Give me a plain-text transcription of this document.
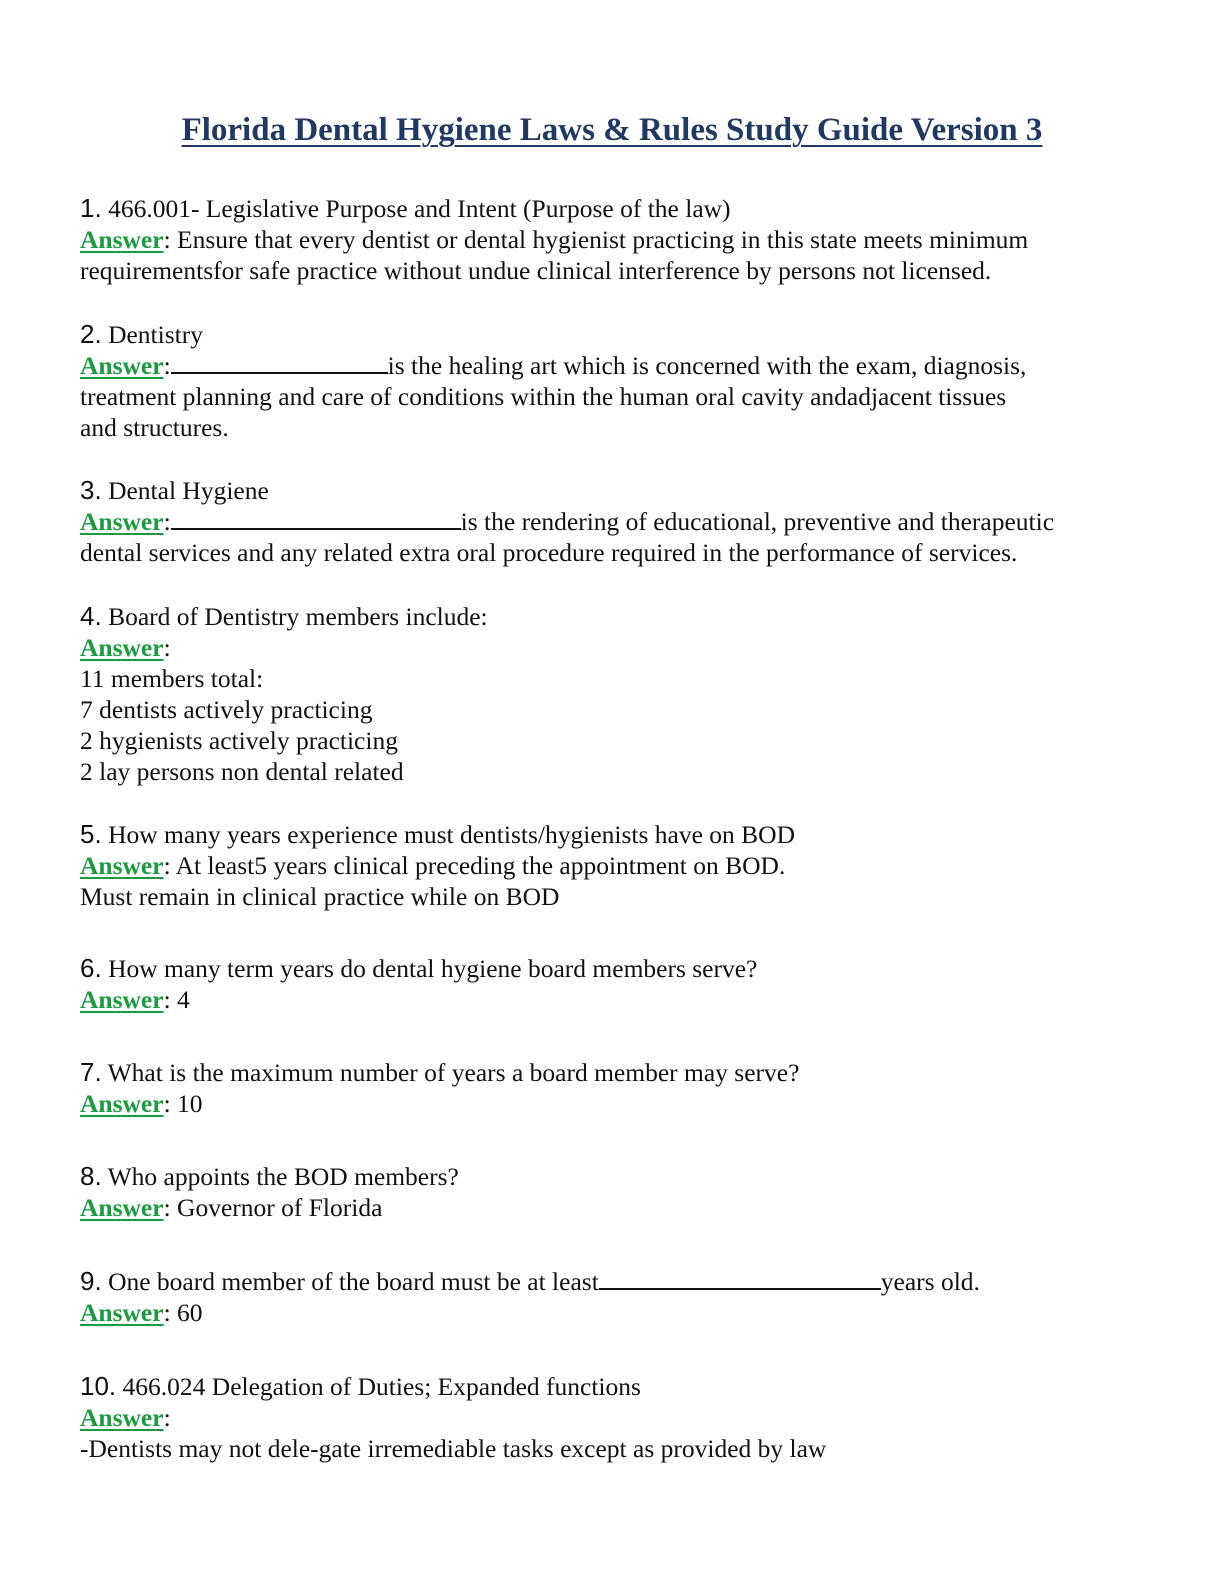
Florida Dental Hygiene Laws & Rules Study Guide Version 3
1. 466.001- Legislative Purpose and Intent (Purpose of the law)
Answer: Ensure that every dentist or dental hygienist practicing in this state meets minimum
requirementsfor safe practice without undue clinical interference by persons not licensed.
2. Dentistry
Answer:	is the healing art which is concerned with the exam, diagnosis,
treatment planning and care of conditions within the human oral cavity andadjacent tissues
and structures.
3. Dental Hygiene
Answer:	is the rendering of educational, preventive and therapeutic
dental services and any related extra oral procedure required in the performance of services.
4. Board of Dentistry members include:
Answer:
11 members total:
7 dentists actively practicing
2 hygienists actively practicing
2 lay persons non dental related
5. How many years experience must dentists/hygienists have on BOD
Answer: At least5 years clinical preceding the appointment on BOD.
Must remain in clinical practice while on BOD
6. How many term years do dental hygiene board members serve?
Answer: 4
7. What is the maximum number of years a board member may serve?
Answer: 10
8. Who appoints the BOD members?
Answer: Governor of Florida
9. One board member of the board must be at least	years old.
Answer: 60
10. 466.024 Delegation of Duties; Expanded functions
Answer:
-Dentists may not dele-gate irremediable tasks except as provided by law
